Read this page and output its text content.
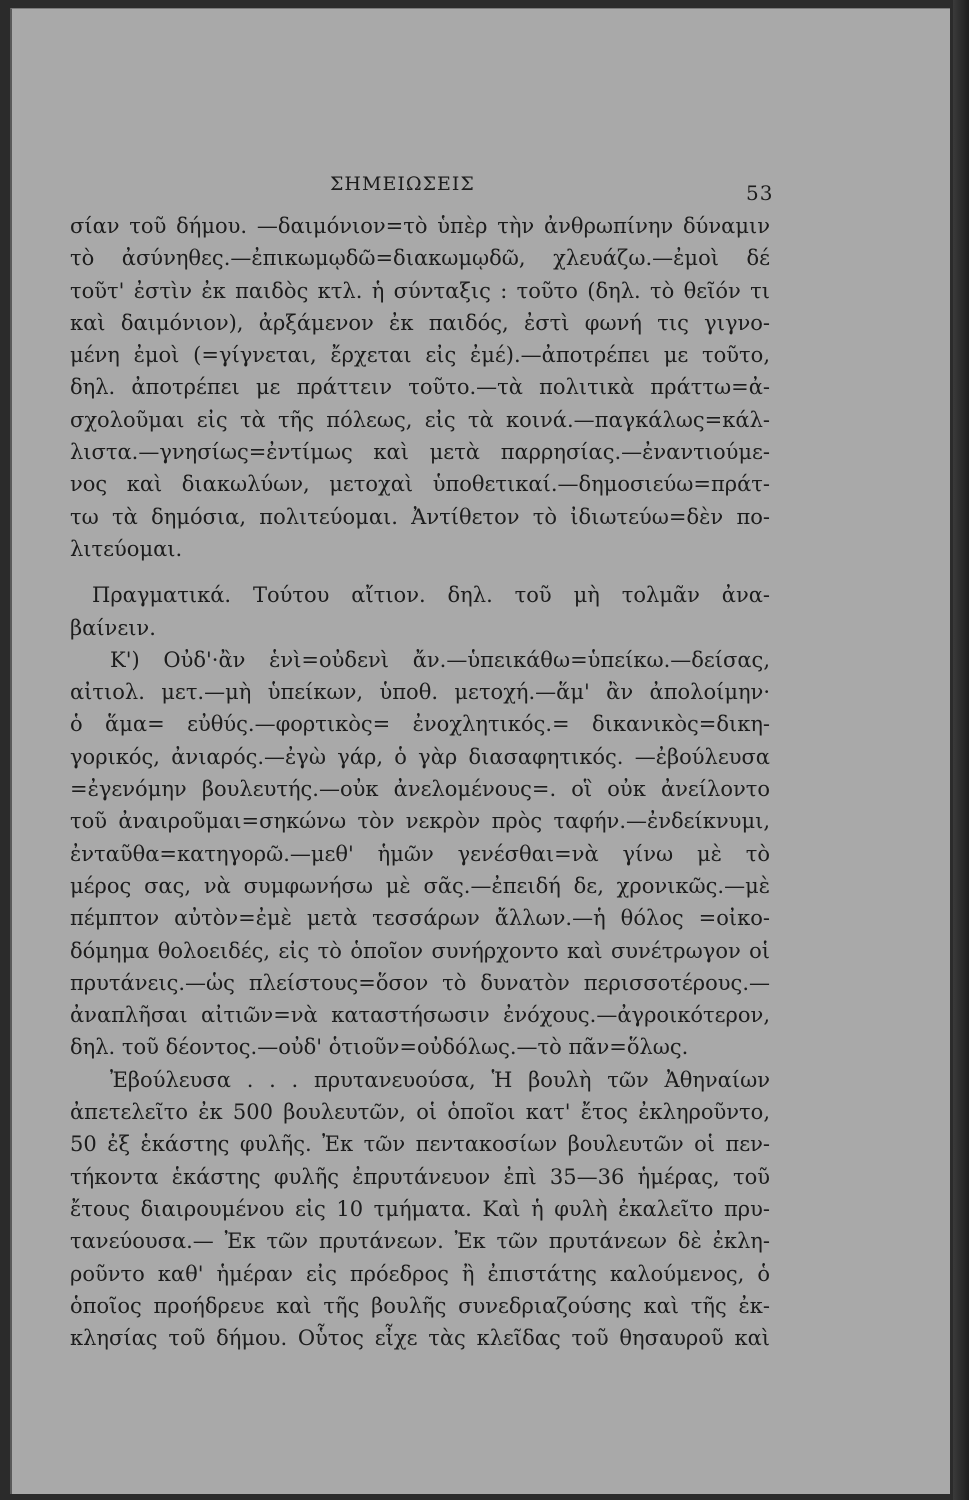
ΣΗΜΕΙΩΣΕΙΣ	53
σίαν τοῦ δήμου. —δαιμόνιον=τὸ ὑπὲρ τὴν ἀνθρωπίνην δύναμιν
τὸ ἀσύνηθες.—ἐπικωμῳδῶ=διακωμῳδῶ, χλευάζω.—ἐμοὶ δέ
τοῦτ' ἐστὶν ἐκ παιδὸς κτλ. ἡ σύνταξις : τοῦτο (δηλ. τὸ θεῖόν τι
καὶ δαιμόνιον), ἀρξάμενον ἐκ παιδός, ἐστὶ φωνή τις γιγνο-
μένη ἐμοὶ (=γίγνεται, ἔρχεται εἰς ἐμέ).—ἀποτρέπει με τοῦτο,
δηλ. ἀποτρέπει με πράττειν τοῦτο.—τὰ πολιτικὰ πράττω=ἀ-
σχολοῦμαι εἰς τὰ τῆς πόλεως, εἰς τὰ κοινά.—παγκάλως=κάλ-
λιστα.—γνησίως=ἐντίμως καὶ μετὰ παρρησίας.—ἐναντιούμε-
νος καὶ διακωλύων, μετοχαὶ ὑποθετικαί.—δημοσιεύω=πράτ-
τω τὰ δημόσια, πολιτεύομαι. Ἀντίθετον τὸ ἰδιωτεύω=δὲν πο-
λιτεύομαι.
Πραγματικά. Τούτου αἴτιον. δηλ. τοῦ μὴ τολμᾶν ἀνα-
βαίνειν.
Κ') Οὐδ'·ἂν ἑνὶ=οὐδενὶ ἄν.—ὑπεικάθω=ὑπείκω.—δείσας,
αἰτιολ. μετ.—μὴ ὑπείκων, ὑποθ. μετοχή.—ἅμ' ἂν ἀπολοίμην·
ὁ ἅμα= εὐθύς.—φορτικὸς= ἐνοχλητικός.= δικανικὸς=δικη-
γορικός, ἀνιαρός.—ἐγὼ γάρ, ὁ γὰρ διασαφητικός. —ἐβούλευσα
=ἐγενόμην βουλευτής.—οὐκ ἀνελομένους=. οἳ οὐκ ἀνείλοντο
τοῦ ἀναιροῦμαι=σηκώνω τὸν νεκρὸν πρὸς ταφήν.—ἐνδείκνυμι,
ἐνταῦθα=κατηγορῶ.—μεθ' ἡμῶν γενέσθαι=νὰ γίνω μὲ τὸ
μέρος σας, νὰ συμφωνήσω μὲ σᾶς.—ἐπειδή δε, χρονικῶς.—μὲ
πέμπτον αὐτὸν=ἐμὲ μετὰ τεσσάρων ἄλλων.—ἡ θόλος =οἰκο-
δόμημα θολοειδές, εἰς τὸ ὁποῖον συνήρχοντο καὶ συνέτρωγον οἱ
πρυτάνεις.—ὡς πλείστους=ὅσον τὸ δυνατὸν περισσοτέρους.—
ἀναπλῆσαι αἰτιῶν=νὰ καταστήσωσιν ἐνόχους.—ἀγροικότερον,
δηλ. τοῦ δέοντος.—οὐδ' ὁτιοῦν=οὐδόλως.—τὸ πᾶν=ὅλως.
Ἐβούλευσα . . . πρυτανευούσα, Ἡ βουλὴ τῶν Ἀθηναίων
ἀπετελεῖτο ἐκ 500 βουλευτῶν, οἱ ὁποῖοι κατ' ἔτος ἐκληροῦντο,
50 ἐξ ἑκάστης φυλῆς. Ἐκ τῶν πεντακοσίων βουλευτῶν οἱ πεν-
τήκοντα ἑκάστης φυλῆς ἐπρυτάνευον ἐπὶ 35—36 ἡμέρας, τοῦ
ἔτους διαιρουμένου εἰς 10 τμήματα. Καὶ ἡ φυλὴ ἐκαλεῖτο πρυ-
τανεύουσα.— Ἐκ τῶν πρυτάνεων. Ἐκ τῶν πρυτάνεων δὲ ἐκλη-
ροῦντο καθ' ἡμέραν εἰς πρόεδρος ἢ ἐπιστάτης καλούμενος, ὁ
ὁποῖος προήδρευε καὶ τῆς βουλῆς συνεδριαζούσης καὶ τῆς ἐκ-
κλησίας τοῦ δήμου. Οὗτος εἶχε τὰς κλεῖδας τοῦ θησαυροῦ καὶ
